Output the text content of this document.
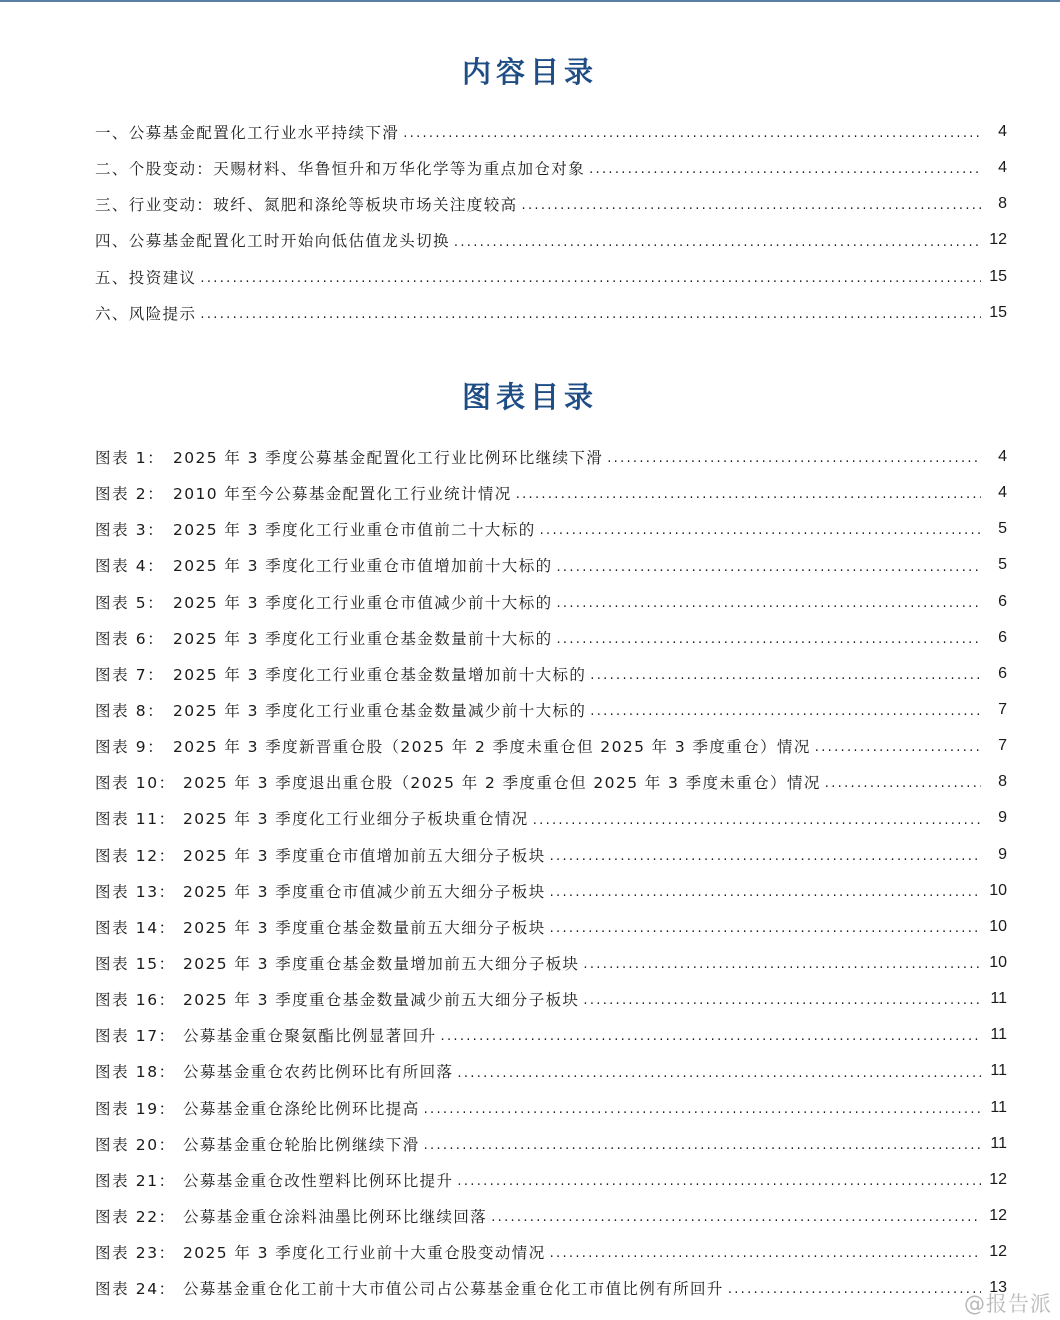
内容目录
一、公募基金配置化工行业水平持续下滑 .....	4
二、个股变动：天赐材料、华鲁恒升和万华化学等为重点加仓对象 .....	4
三、行业变动：玻纤、氮肥和涤纶等板块市场关注度较高 .....	8
四、公募基金配置化工时开始向低估值龙头切换 .....	12
五、投资建议 .....	15
六、风险提示 .....	15
图表目录
图表 1： 2025 年 3 季度公募基金配置化工行业比例环比继续下滑 .....	4
图表 2： 2010 年至今公募基金配置化工行业统计情况 .....	4
图表 3： 2025 年 3 季度化工行业重仓市值前二十大标的 .....	5
图表 4： 2025 年 3 季度化工行业重仓市值增加前十大标的 .....	5
图表 5： 2025 年 3 季度化工行业重仓市值减少前十大标的 .....	6
图表 6： 2025 年 3 季度化工行业重仓基金数量前十大标的 .....	6
图表 7： 2025 年 3 季度化工行业重仓基金数量增加前十大标的 .....	6
图表 8： 2025 年 3 季度化工行业重仓基金数量减少前十大标的 .....	7
图表 9： 2025 年 3 季度新晋重仓股（2025 年 2 季度未重仓但 2025 年 3 季度重仓）情况 .....	7
图表 10： 2025 年 3 季度退出重仓股（2025 年 2 季度重仓但 2025 年 3 季度未重仓）情况 .....	8
图表 11： 2025 年 3 季度化工行业细分子板块重仓情况 .....	9
图表 12： 2025 年 3 季度重仓市值增加前五大细分子板块 .....	9
图表 13： 2025 年 3 季度重仓市值减少前五大细分子板块 .....	10
图表 14： 2025 年 3 季度重仓基金数量前五大细分子板块 .....	10
图表 15： 2025 年 3 季度重仓基金数量增加前五大细分子板块 .....	10
图表 16： 2025 年 3 季度重仓基金数量减少前五大细分子板块 .....	11
图表 17： 公募基金重仓聚氨酯比例显著回升 .....	11
图表 18： 公募基金重仓农药比例环比有所回落 .....	11
图表 19： 公募基金重仓涤纶比例环比提高 .....	11
图表 20： 公募基金重仓轮胎比例继续下滑 .....	11
图表 21： 公募基金重仓改性塑料比例环比提升 .....	12
图表 22： 公募基金重仓涂料油墨比例环比继续回落 .....	12
图表 23： 2025 年 3 季度化工行业前十大重仓股变动情况 .....	12
图表 24： 公募基金重仓化工前十大市值公司占公募基金重仓化工市值比例有所回升 .....	13
@报告派
